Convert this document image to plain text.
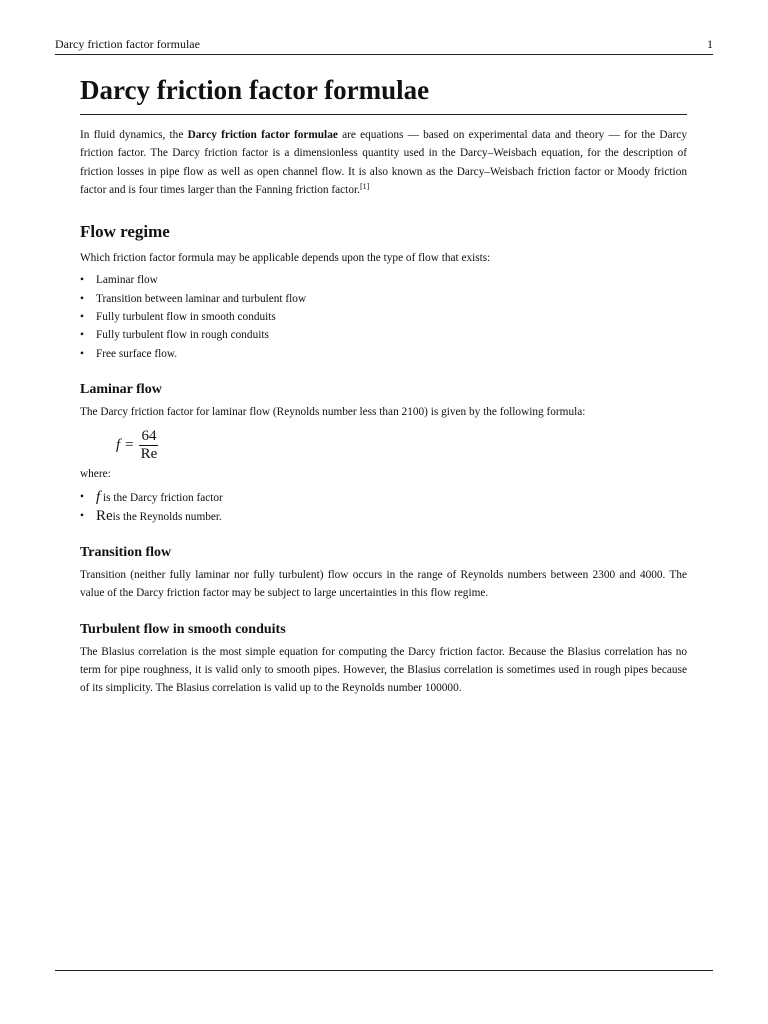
Darcy friction factor formulae	1
Darcy friction factor formulae

In fluid dynamics, the Darcy friction factor formulae are equations — based on experimental data and theory — for the Darcy friction factor. The Darcy friction factor is a dimensionless quantity used in the Darcy–Weisbach equation, for the description of friction losses in pipe flow as well as open channel flow. It is also known as the Darcy–Weisbach friction factor or Moody friction factor and is four times larger than the Fanning friction factor.[1]

Flow regime

Which friction factor formula may be applicable depends upon the type of flow that exists:

• Laminar flow
• Transition between laminar and turbulent flow
• Fully turbulent flow in smooth conduits
• Fully turbulent flow in rough conduits
• Free surface flow.
Laminar flow

The Darcy friction factor for laminar flow (Reynolds number less than 2100) is given by the following formula:

$f = \frac{64}{Re}$

where:

• f is the Darcy friction factor
• Reis the Reynolds number.
Transition flow

Transition (neither fully laminar nor fully turbulent) flow occurs in the range of Reynolds numbers between 2300 and 4000. The value of the Darcy friction factor may be subject to large uncertainties in this flow regime.

Turbulent flow in smooth conduits

The Blasius correlation is the most simple equation for computing the Darcy friction factor. Because the Blasius correlation has no term for pipe roughness, it is valid only to smooth pipes. However, the Blasius correlation is sometimes used in rough pipes because of its simplicity. The Blasius correlation is valid up to the Reynolds number 100000.
